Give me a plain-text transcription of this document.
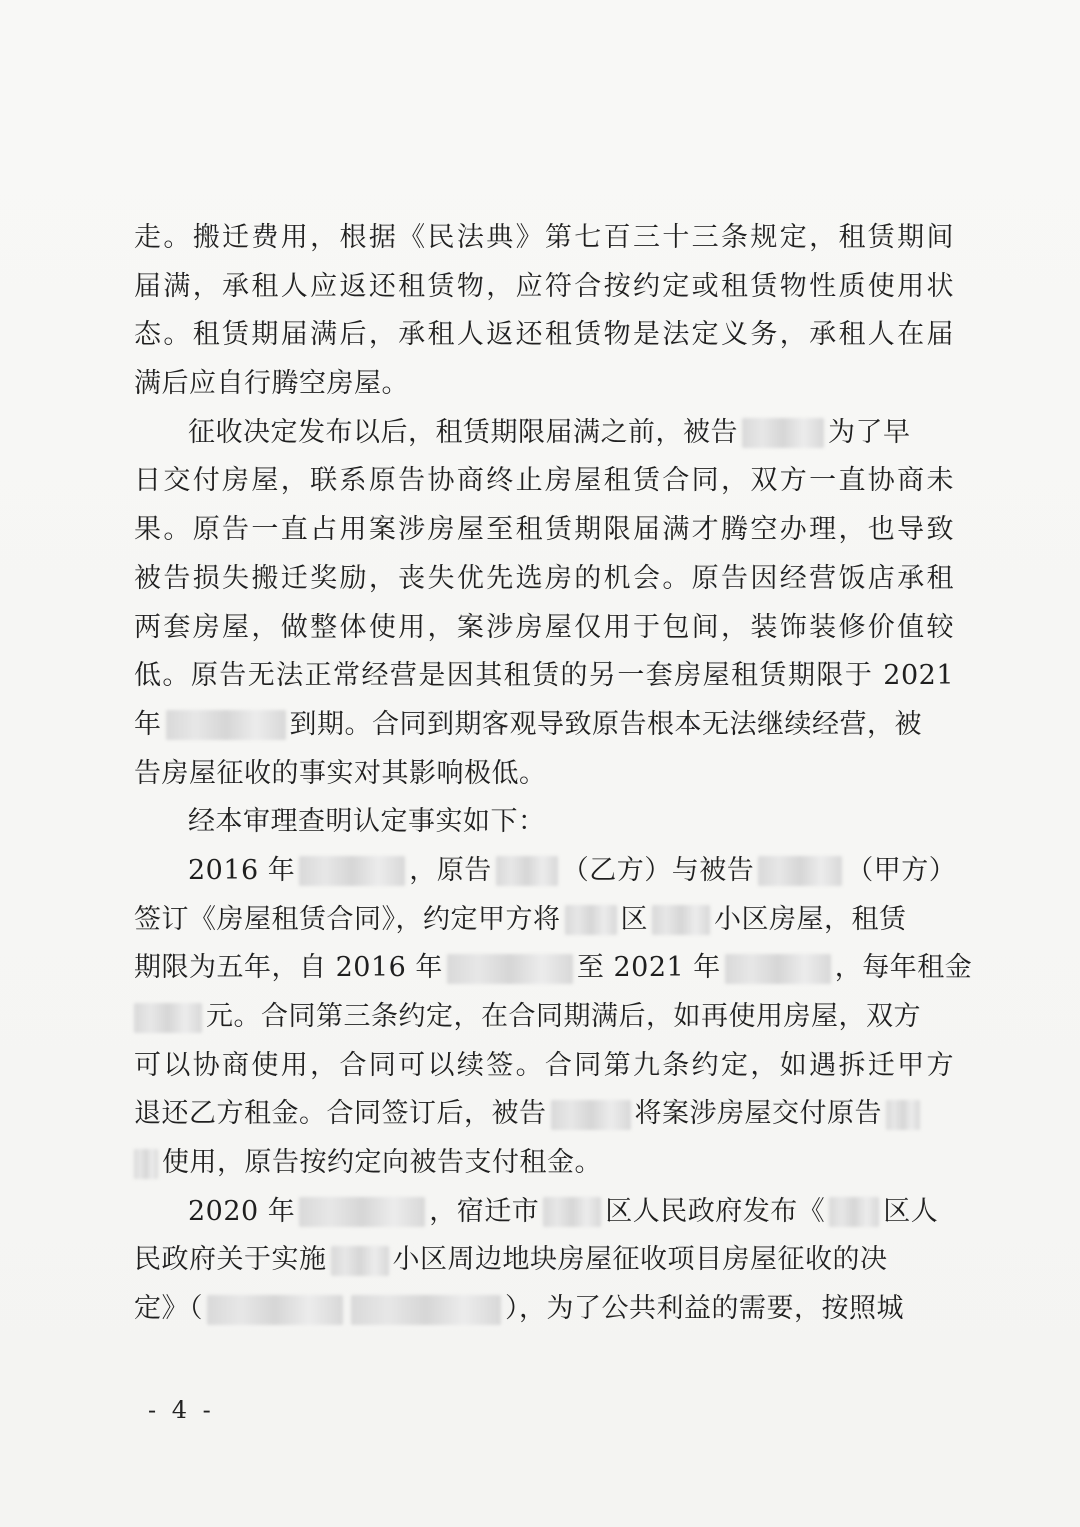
走。搬迁费用，根据《民法典》第七百三十三条规定，租赁期间
届满，承租人应返还租赁物，应符合按约定或租赁物性质使用状
态。租赁期届满后，承租人返还租赁物是法定义务，承租人在届
满后应自行腾空房屋。
征收决定发布以后，租赁期限届满之前，被告	为了早
日交付房屋，联系原告协商终止房屋租赁合同，双方一直协商未
果。原告一直占用案涉房屋至租赁期限届满才腾空办理，也导致
被告损失搬迁奖励，丧失优先选房的机会。原告因经营饭店承租
两套房屋，做整体使用，案涉房屋仅用于包间，装饰装修价值较
低。原告无法正常经营是因其租赁的另一套房屋租赁期限于 2021
年	到期。合同到期客观导致原告根本无法继续经营，被
告房屋征收的事实对其影响极低。
经本审理查明认定事实如下：
2016 年	，原告	（乙方）与被告	（甲方）
签订《房屋租赁合同》，约定甲方将 区 小区房屋，租赁
期限为五年，自 2016 年	至 2021 年	，每年租金
元。合同第三条约定，在合同期满后，如再使用房屋，双方
可以协商使用，合同可以续签。合同第九条约定，如遇拆迁甲方
退还乙方租金。合同签订后，被告	将案涉房屋交付原告
使用，原告按约定向被告支付租金。
2020 年	，宿迁市 区人民政府发布《 区人
民政府关于实施 小区周边地块房屋征收项目房屋征收的决
定》（	），为了公共利益的需要，按照城
- 4 -
